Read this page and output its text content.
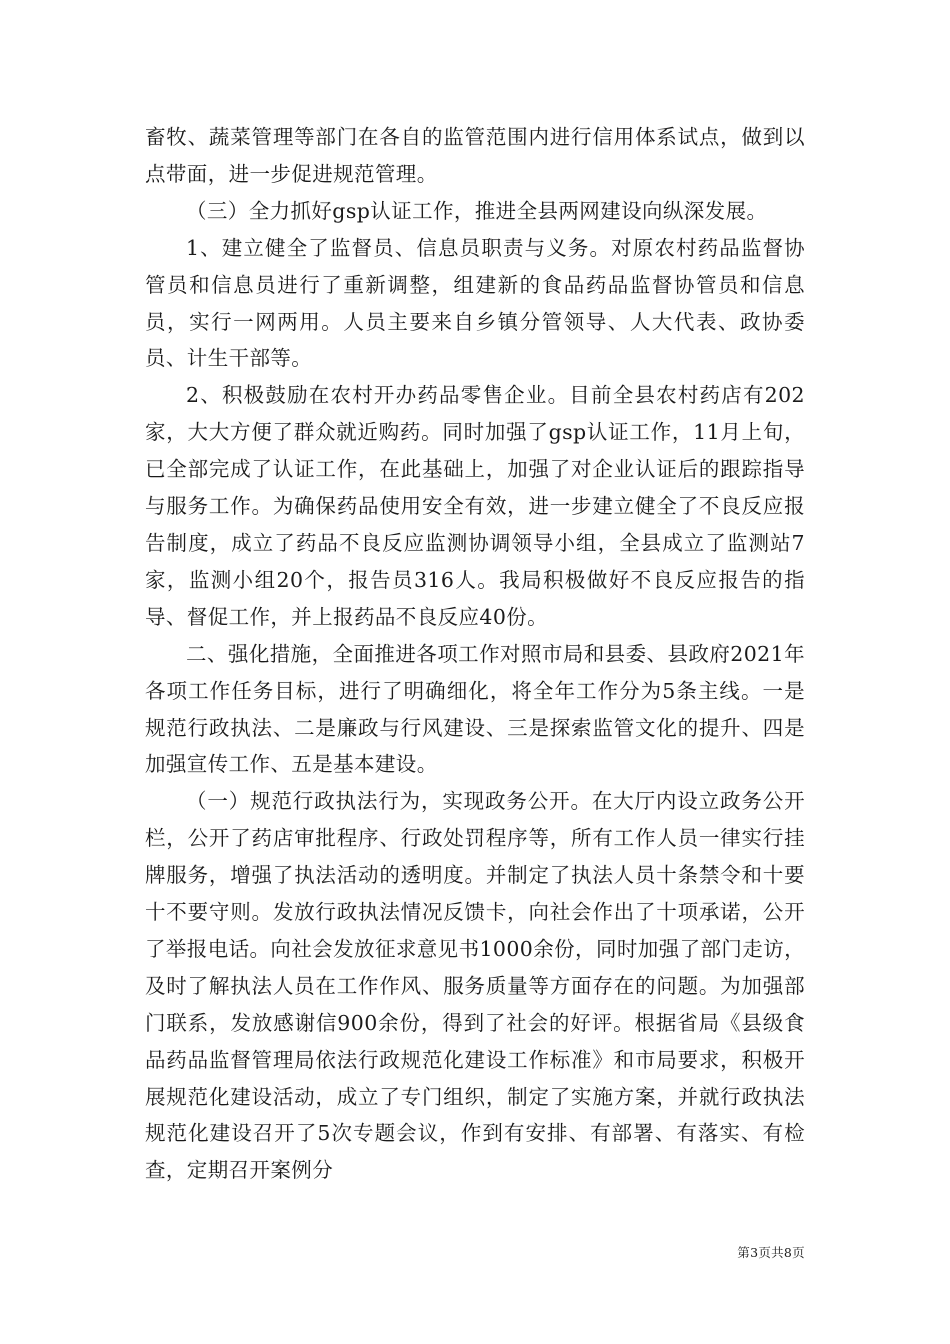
畜牧、蔬菜管理等部门在各自的监管范围内进行信用体系试点，做到以点带面，进一步促进规范管理。

（三）全力抓好gsp认证工作，推进全县两网建设向纵深发展。

1、建立健全了监督员、信息员职责与义务。对原农村药品监督协管员和信息员进行了重新调整，组建新的食品药品监督协管员和信息员，实行一网两用。人员主要来自乡镇分管领导、人大代表、政协委员、计生干部等。

2、积极鼓励在农村开办药品零售企业。目前全县农村药店有202家，大大方便了群众就近购药。同时加强了gsp认证工作，11月上旬，已全部完成了认证工作，在此基础上，加强了对企业认证后的跟踪指导与服务工作。为确保药品使用安全有效，进一步建立健全了不良反应报告制度，成立了药品不良反应监测协调领导小组，全县成立了监测站7家，监测小组20个，报告员316人。我局积极做好不良反应报告的指导、督促工作，并上报药品不良反应40份。

二、强化措施，全面推进各项工作对照市局和县委、县政府2021年各项工作任务目标，进行了明确细化，将全年工作分为5条主线。一是规范行政执法、二是廉政与行风建设、三是探索监管文化的提升、四是加强宣传工作、五是基本建设。

（一）规范行政执法行为，实现政务公开。在大厅内设立政务公开栏，公开了药店审批程序、行政处罚程序等，所有工作人员一律实行挂牌服务，增强了执法活动的透明度。并制定了执法人员十条禁令和十要十不要守则。发放行政执法情况反馈卡，向社会作出了十项承诺，公开了举报电话。向社会发放征求意见书1000余份，同时加强了部门走访，及时了解执法人员在工作作风、服务质量等方面存在的问题。为加强部门联系，发放感谢信900余份，得到了社会的好评。根据省局《县级食品药品监督管理局依法行政规范化建设工作标准》和市局要求，积极开展规范化建设活动，成立了专门组织，制定了实施方案，并就行政执法规范化建设召开了5次专题会议，作到有安排、有部署、有落实、有检查，定期召开案例分

第3页共8页
